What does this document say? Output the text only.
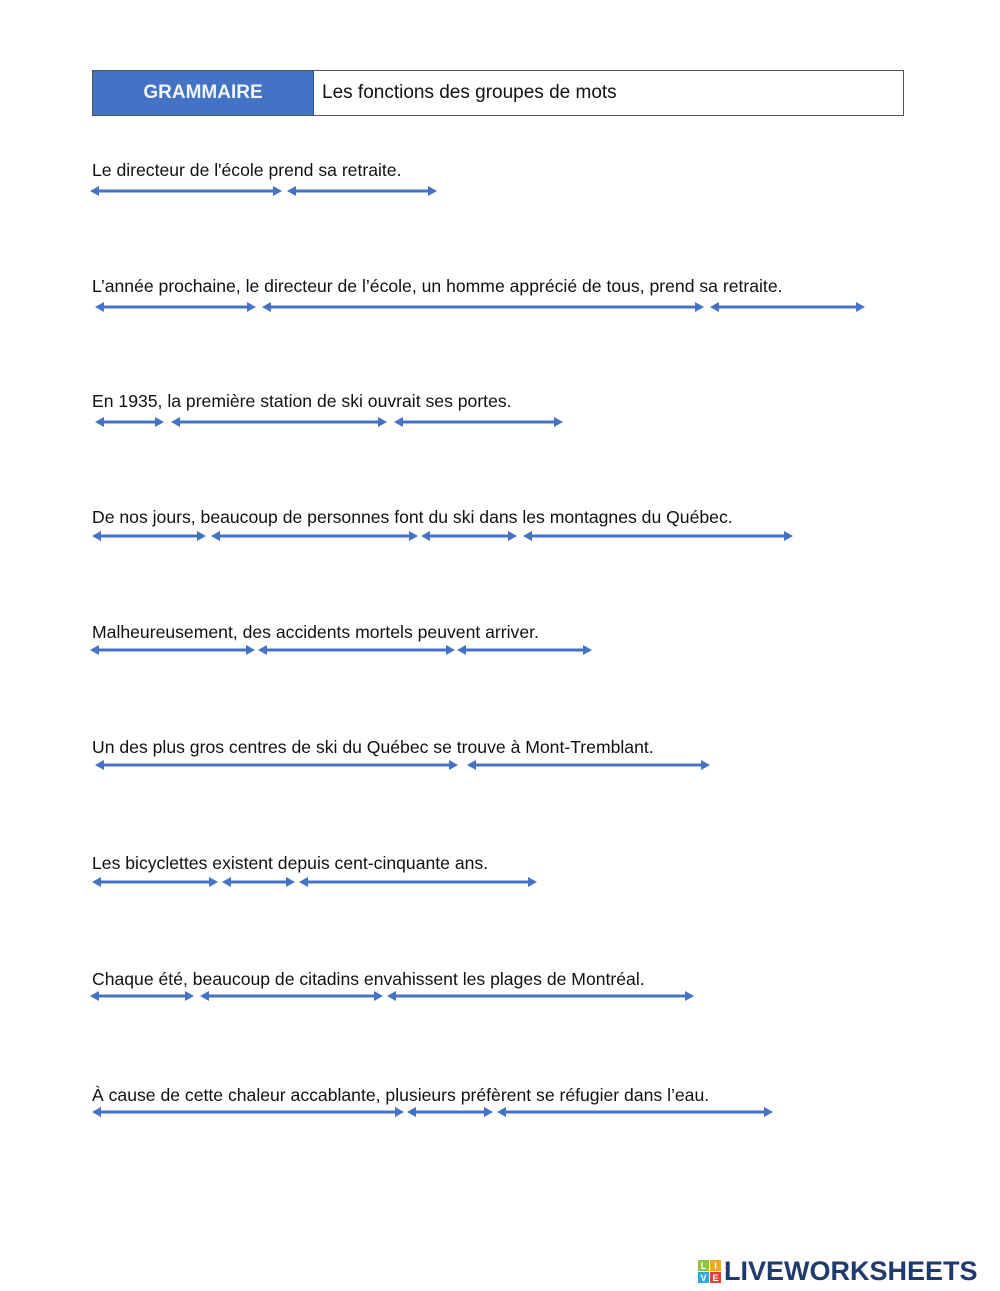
GRAMMAIRE	Les fonctions des groupes de mots
Le directeur de l'école prend sa retraite.
L’année prochaine, le directeur de l’école, un homme apprécié de tous, prend sa retraite.
En 1935, la première station de ski ouvrait ses portes.
De nos jours, beaucoup de personnes font du ski dans les montagnes du Québec.
Malheureusement, des accidents mortels peuvent arriver.
Un des plus gros centres de ski du Québec se trouve à Mont-Tremblant.
Les bicyclettes existent depuis cent-cinquante ans.
Chaque été, beaucoup de citadins envahissent les plages de Montréal.
À cause de cette chaleur accablante, plusieurs préfèrent se réfugier dans l’eau.
L I
V E LIVEWORKSHEETS
